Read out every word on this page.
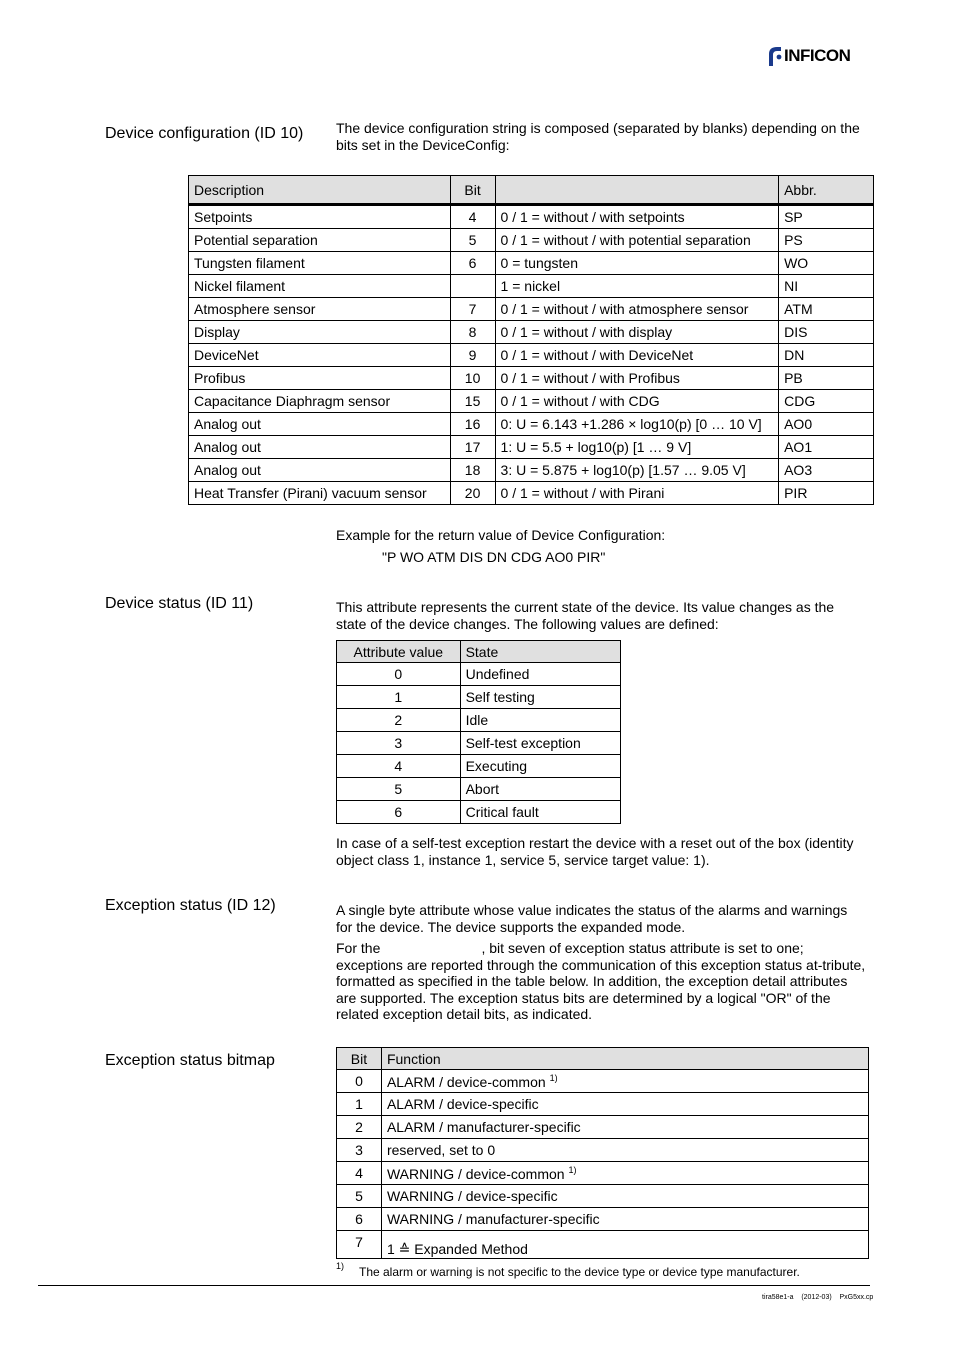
INFICON
Device configuration (ID 10) The device configuration string is composed (separated by blanks) depending on the bits set in the DeviceConfig:
Description	Bit		Abbr.
Setpoints	4	0 / 1 = without / with setpoints	SP
Potential separation	5	0 / 1 = without / with potential separation	PS
Tungsten filament	6	0 = tungsten	WO
Nickel filament		1 = nickel	NI
Atmosphere sensor	7	0 / 1 = without / with atmosphere sensor	ATM
Display	8	0 / 1 = without / with display	DIS
DeviceNet	9	0 / 1 = without / with DeviceNet	DN
Profibus	10	0 / 1 = without / with Profibus	PB
Capacitance Diaphragm sensor	15	0 / 1 = without / with CDG	CDG
Analog out	16	0: U = 6.143 +1.286 × log10(p) [0 … 10 V]	AO0
Analog out	17	1: U = 5.5 + log10(p) [1 … 9 V]	AO1
Analog out	18	3: U = 5.875 + log10(p) [1.57 … 9.05 V]	AO3
Heat Transfer (Pirani) vacuum sensor	20	0 / 1 = without / with Pirani	PIR
Example for the return value of Device Configuration:
"P WO ATM DIS DN CDG AO0 PIR"
Device status (ID 11)	This attribute represents the current state of the device. Its value changes as the state of the device changes. The following values are defined:
Attribute value	State
0	Undefined
1	Self testing
2	Idle
3	Self-test exception
4	Executing
5	Abort
6	Critical fault
In case of a self-test exception restart the device with a reset out of the box (identity object class 1, instance 1, service 5, service target value: 1).
Exception status (ID 12)	A single byte attribute whose value indicates the status of the alarms and warnings for the device. The device supports the expanded mode.
For the                          , bit seven of exception status attribute is set to one; exceptions are reported through the communication of this exception status at-tribute, formatted as specified in the table below. In addition, the exception detail attributes are supported. The exception status bits are determined by a logical "OR" of the related exception detail bits, as indicated.
Exception status bitmap	Bit	Function
0	ALARM / device-common $^{1)}$
1	ALARM / device-specific
2	ALARM / manufacturer-specific
3	reserved, set to 0
4	WARNING / device-common $^{1)}$
5	WARNING / device-specific
6	WARNING / manufacturer-specific
7	1 ≙ Expanded Method
1) The alarm or warning is not specific to the device type or device type manufacturer.
tira58e1-a (2012-03) PxG5xx.cp
